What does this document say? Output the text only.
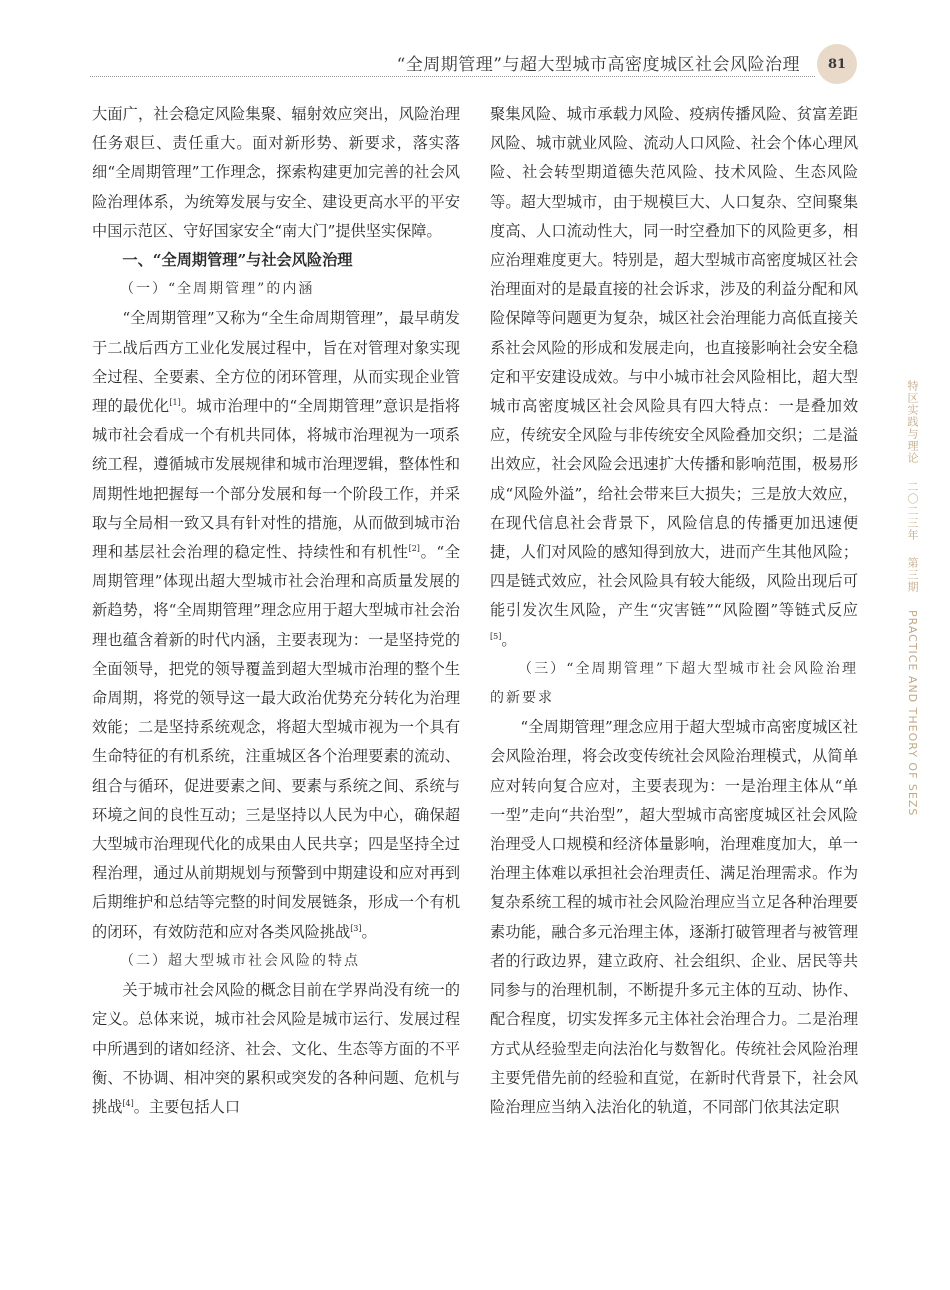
“全周期管理”与超大型城市高密度城区社会风险治理	81
特区实践与理论 二〇二三年 第三期 PRACTICE AND THEORY OF SEZS

大面广，社会稳定风险集聚、辐射效应突出，风险治理任务艰巨、责任重大。面对新形势、新要求，落实落细“全周期管理”工作理念，探索构建更加完善的社会风险治理体系，为统筹发展与安全、建设更高水平的平安中国示范区、守好国家安全“南大门”提供坚实保障。

一、“全周期管理”与社会风险治理
（一）“全周期管理”的内涵

“全周期管理”又称为“全生命周期管理”，最早萌发于二战后西方工业化发展过程中，旨在对管理对象实现全过程、全要素、全方位的闭环管理，从而实现企业管理的最优化[1]。城市治理中的“全周期管理”意识是指将城市社会看成一个有机共同体，将城市治理视为一项系统工程，遵循城市发展规律和城市治理逻辑，整体性和周期性地把握每一个部分发展和每一个阶段工作，并采取与全局相一致又具有针对性的措施，从而做到城市治理和基层社会治理的稳定性、持续性和有机性[2]。“全周期管理”体现出超大型城市社会治理和高质量发展的新趋势，将“全周期管理”理念应用于超大型城市社会治理也蕴含着新的时代内涵，主要表现为：一是坚持党的全面领导，把党的领导覆盖到超大型城市治理的整个生命周期，将党的领导这一最大政治优势充分转化为治理效能；二是坚持系统观念，将超大型城市视为一个具有生命特征的有机系统，注重城区各个治理要素的流动、组合与循环，促进要素之间、要素与系统之间、系统与环境之间的良性互动；三是坚持以人民为中心，确保超大型城市治理现代化的成果由人民共享；四是坚持全过程治理，通过从前期规划与预警到中期建设和应对再到后期维护和总结等完整的时间发展链条，形成一个有机的闭环，有效防范和应对各类风险挑战[3]。

（二）超大型城市社会风险的特点

关于城市社会风险的概念目前在学界尚没有统一的定义。总体来说，城市社会风险是城市运行、发展过程中所遇到的诸如经济、社会、文化、生态等方面的不平衡、不协调、相冲突的累积或突发的各种问题、危机与挑战[4]。主要包括人口

聚集风险、城市承载力风险、疫病传播风险、贫富差距风险、城市就业风险、流动人口风险、社会个体心理风险、社会转型期道德失范风险、技术风险、生态风险等。超大型城市，由于规模巨大、人口复杂、空间聚集度高、人口流动性大，同一时空叠加下的风险更多，相应治理难度更大。特别是，超大型城市高密度城区社会治理面对的是最直接的社会诉求，涉及的利益分配和风险保障等问题更为复杂，城区社会治理能力高低直接关系社会风险的形成和发展走向，也直接影响社会安全稳定和平安建设成效。与中小城市社会风险相比，超大型城市高密度城区社会风险具有四大特点：一是叠加效应，传统安全风险与非传统安全风险叠加交织；二是溢出效应，社会风险会迅速扩大传播和影响范围，极易形成“风险外溢”，给社会带来巨大损失；三是放大效应，在现代信息社会背景下，风险信息的传播更加迅速便捷，人们对风险的感知得到放大，进而产生其他风险；四是链式效应，社会风险具有较大能级，风险出现后可能引发次生风险，产生“灾害链”“风险圈”等链式反应[5]。

（三）“全周期管理”下超大型城市社会风险治理的新要求

“全周期管理”理念应用于超大型城市高密度城区社会风险治理，将会改变传统社会风险治理模式，从简单应对转向复合应对，主要表现为：一是治理主体从“单一型”走向“共治型”，超大型城市高密度城区社会风险治理受人口规模和经济体量影响，治理难度加大，单一治理主体难以承担社会治理责任、满足治理需求。作为复杂系统工程的城市社会风险治理应当立足各种治理要素功能，融合多元治理主体，逐渐打破管理者与被管理者的行政边界，建立政府、社会组织、企业、居民等共同参与的治理机制，不断提升多元主体的互动、协作、配合程度，切实发挥多元主体社会治理合力。二是治理方式从经验型走向法治化与数智化。传统社会风险治理主要凭借先前的经验和直觉，在新时代背景下，社会风险治理应当纳入法治化的轨道，不同部门依其法定职
